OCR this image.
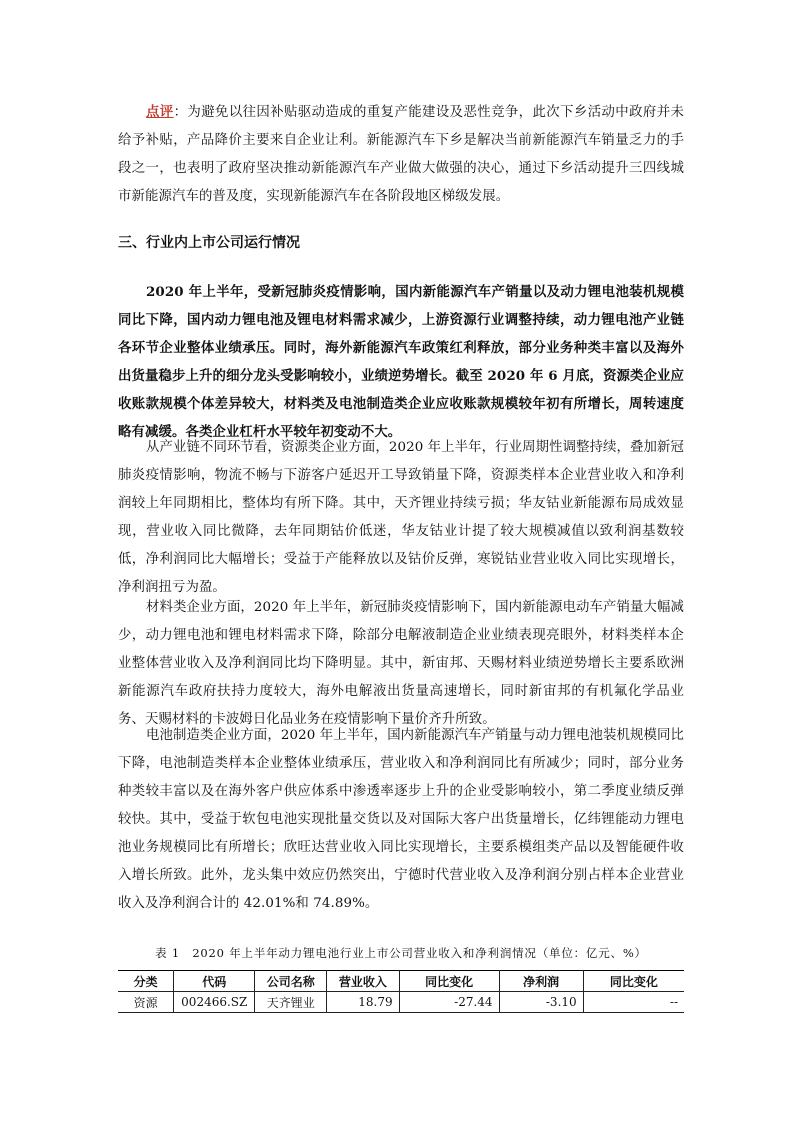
点评：为避免以往因补贴驱动造成的重复产能建设及恶性竞争，此次下乡活动中政府并未给予补贴，产品降价主要来自企业让利。新能源汽车下乡是解决当前新能源汽车销量乏力的手段之一，也表明了政府坚决推动新能源汽车产业做大做强的决心，通过下乡活动提升三四线城市新能源汽车的普及度，实现新能源汽车在各阶段地区梯级发展。

三、行业内上市公司运行情况

2020 年上半年，受新冠肺炎疫情影响，国内新能源汽车产销量以及动力锂电池装机规模同比下降，国内动力锂电池及锂电材料需求减少，上游资源行业调整持续，动力锂电池产业链各环节企业整体业绩承压。同时，海外新能源汽车政策红利释放，部分业务种类丰富以及海外出货量稳步上升的细分龙头受影响较小，业绩逆势增长。截至 2020 年 6 月底，资源类企业应收账款规模个体差异较大，材料类及电池制造类企业应收账款规模较年初有所增长，周转速度略有减缓。各类企业杠杆水平较年初变动不大。

从产业链不同环节看，资源类企业方面，2020 年上半年，行业周期性调整持续，叠加新冠肺炎疫情影响，物流不畅与下游客户延迟开工导致销量下降，资源类样本企业营业收入和净利润较上年同期相比，整体均有所下降。其中，天齐锂业持续亏损；华友钴业新能源布局成效显现，营业收入同比微降，去年同期钴价低迷，华友钴业计提了较大规模减值以致利润基数较低，净利润同比大幅增长；受益于产能释放以及钴价反弹，寒锐钴业营业收入同比实现增长，净利润扭亏为盈。

材料类企业方面，2020 年上半年，新冠肺炎疫情影响下，国内新能源电动车产销量大幅减少，动力锂电池和锂电材料需求下降，除部分电解液制造企业业绩表现亮眼外，材料类样本企业整体营业收入及净利润同比均下降明显。其中，新宙邦、天赐材料业绩逆势增长主要系欧洲新能源汽车政府扶持力度较大，海外电解液出货量高速增长，同时新宙邦的有机氟化学品业务、天赐材料的卡波姆日化品业务在疫情影响下量价齐升所致。

电池制造类企业方面，2020 年上半年，国内新能源汽车产销量与动力锂电池装机规模同比下降，电池制造类样本企业整体业绩承压，营业收入和净利润同比有所减少；同时，部分业务种类较丰富以及在海外客户供应体系中渗透率逐步上升的企业受影响较小，第二季度业绩反弹较快。其中，受益于软包电池实现批量交货以及对国际大客户出货量增长，亿纬锂能动力锂电池业务规模同比有所增长；欣旺达营业收入同比实现增长，主要系模组类产品以及智能硬件收入增长所致。此外，龙头集中效应仍然突出，宁德时代营业收入及净利润分别占样本企业营业收入及净利润合计的 42.01%和 74.89%。

表 1　2020 年上半年动力锂电池行业上市公司营业收入和净利润情况（单位：亿元、%）
分类	代码	公司名称	营业收入	同比变化	净利润	同比变化
资源	002466.SZ	天齐锂业	18.79	-27.44	-3.10	--
